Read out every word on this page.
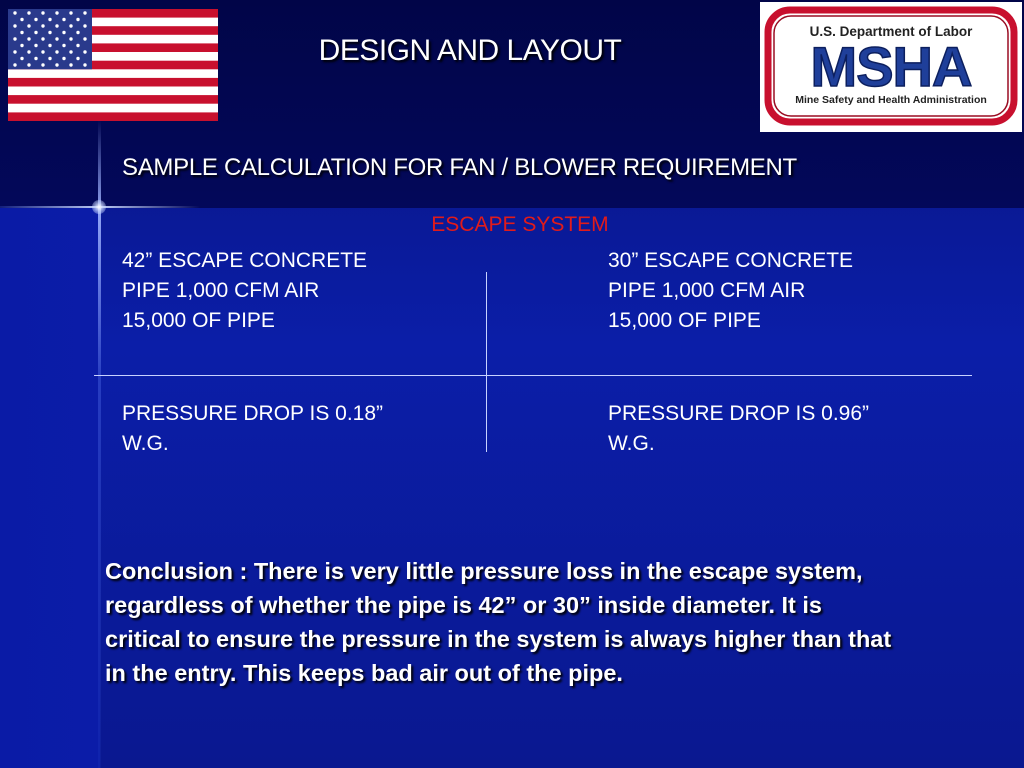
U.S. Department of Labor
MSHA
Mine Safety and Health Administration
DESIGN AND LAYOUT
SAMPLE CALCULATION FOR FAN / BLOWER REQUIREMENT
ESCAPE SYSTEM
42” ESCAPE CONCRETE
PIPE 1,000 CFM AIR
15,000 OF PIPE
30” ESCAPE CONCRETE
PIPE 1,000 CFM AIR
15,000 OF PIPE
PRESSURE DROP IS 0.18”
W.G.
PRESSURE DROP IS 0.96”
W.G.
Conclusion : There is very little pressure loss in the escape system,
regardless of whether the pipe is 42” or 30” inside diameter. It is
critical to ensure the pressure in the system is always higher than that
in the entry. This keeps bad air out of the pipe.
